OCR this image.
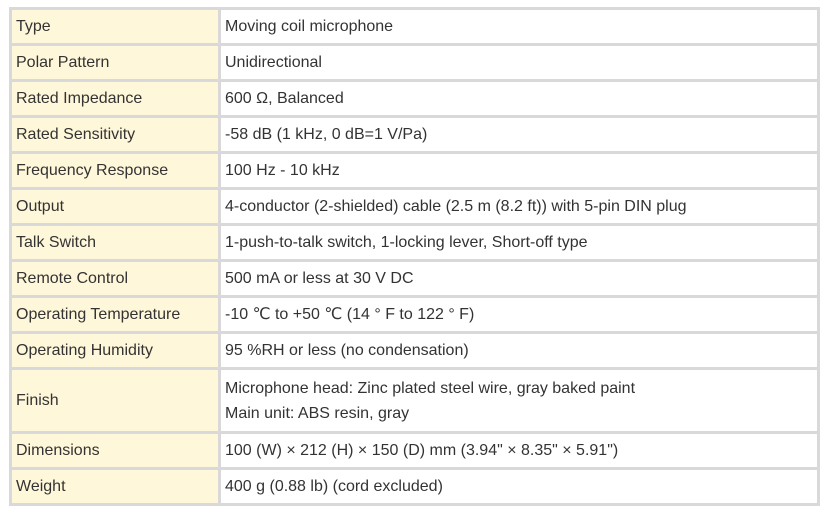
Type	Moving coil microphone

Polar Pattern	Unidirectional

Rated Impedance	600 Ω, Balanced

Rated Sensitivity	-58 dB (1 kHz, 0 dB=1 V/Pa)

Frequency Response	100 Hz - 10 kHz

Output	4-conductor (2-shielded) cable (2.5 m (8.2 ft)) with 5-pin DIN plug

Talk Switch	1-push-to-talk switch, 1-locking lever, Short-off type

Remote Control	500 mA or less at 30 V DC

Operating Temperature	-10 ℃ to +50 ℃ (14 ° F to 122 ° F)

Operating Humidity	95 %RH or less (no condensation)

Finish	Microphone head: Zinc plated steel wire, gray baked paint
Main unit: ABS resin, gray

Dimensions	100 (W) × 212 (H) × 150 (D) mm (3.94" × 8.35" × 5.91")

Weight	400 g (0.88 lb) (cord excluded)
